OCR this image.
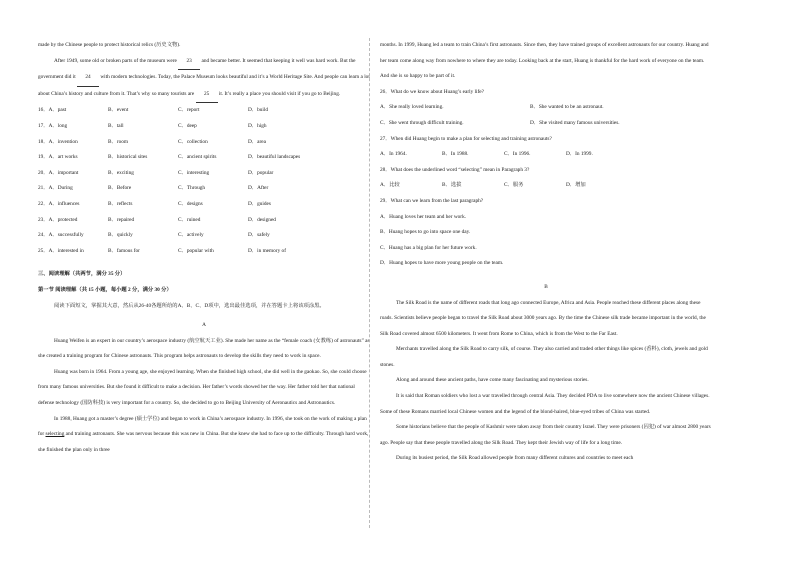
made by the Chinese people to protect historical relics (历史文物).

After 1949, some old or broken parts of the museum were 23 and became better. It seemed that keeping it well was hard work. But the government did it 24 with modern technologies. Today, the Palace Museum looks beautiful and it’s a World Heritage Site. And people can learn a lot about China’s history and culture from it. That’s why so many tourists are 25 it. It’s really a place you should visit if you go to Beijing.

16．A．past	B．event	C．report	D．build
17．A．long	B．tall	C．deep	D．high
18．A．invention	B．room	C．collection	D．area
19．A．art works	B．historical sites	C．ancient spirits	D．beautiful landscapes
20．A．important	B．exciting	C．interesting	D．popular
21．A．During	B．Before	C．Through	D．After
22．A．influences	B．reflects	C．designs	D．guides
23．A．protected	B．repaired	C．ruined	D．designed
24．A．successfully	B．quickly	C．actively	D．safely
25．A．interested in	B．famous for	C．popular with	D．in memory of

三、阅读理解（共两节，满分 35 分）

第一节 阅读理解（共 15 小题，每小题 2 分，满分 30 分）

阅读下面短文，掌握其大意，然后从26-40各题所给的A、B、C、D项中，选出最佳选项，并在答题卡上将该项涂黑。

A

Huang Weifen is an expert in our country’s aerospace industry (航空航天工业). She made her name as the “female coach (女教练) of astronauts” as she created a training program for Chinese astronauts. This program helps astronauts to develop the skills they need to work in space.

Huang was born in 1964. From a young age, she enjoyed learning. When she finished high school, she did well in the gaokao. So, she could choose from many famous universities. But she found it difficult to make a decision. Her father’s words showed her the way. Her father told her that national defense technology (国防科技) is very important for a country. So, she decided to go to Beijing University of Aeronautics and Astronautics.

In 1988, Huang got a master’s degree (硕士学位) and began to work in China’s aerospace industry. In 1996, she took on the work of making a plan for selecting and training astronauts. She was nervous because this was new in China. But she knew she had to face up to the difficulty. Through hard work, she finished the plan only in three

months. In 1999, Huang led a team to train China’s first astronauts. Since then, they have trained groups of excellent astronauts for our country. Huang and her team come along way from nowhere to where they are today. Looking back at the start, Huang is thankful for the hard work of everyone on the team. And she is so happy to be part of it.

26．What do we know about Huang’s early life?

A．She really loved learning.	B．She wanted to be an astronaut.
C．She went through difficult training.	D．She visited many famous universities.

27．When did Huang begin to make a plan for selecting and training astronauts?

A．In 1964.	B．In 1988.	C．In 1996.	D．In 1999.

28．What does the underlined word “selecting” mean in Paragraph 3?

A．比较	B．选拔	C．服务	D．增加

29．What can we learn from the last paragraph?

A．Huang loves her team and her work.

B．Huang hopes to go into space one day.

C．Huang has a big plan for her future work.

D．Huang hopes to have more young people on the team.

B

The Silk Road is the name of different roads that long ago connected Europe, Africa and Asia. People reached these different places along these roads. Scientists believe people began to travel the Silk Road about 3000 years ago. By the time the Chinese silk trade became important in the world, the Silk Road covered almost 6500 kilometers. It went from Rome to China, which is from the West to the Far East.

Merchants travelled along the Silk Road to carry silk, of course. They also carried and traded other things like spices (香料), cloth, jewels and gold stones.

Along and around these ancient paths, have come many fascinating and mysterious stories.

It is said that Roman soldiers who lost a war travelled through central Asia. They decided PDA to live somewhere now the ancient Chinese villages. Some of these Romans married local Chinese women and the legend of the blond-haired, blue-eyed tribes of China was started.

Some historians believe that the people of Kashmir were taken away from their country Israel. They were prisoners (囚犯) of war almost 2800 years ago. People say that these people travelled along the Silk Road. They kept their Jewish way of life for a long time.

During its busiest period, the Silk Road allowed people from many different cultures and countries to meet each
